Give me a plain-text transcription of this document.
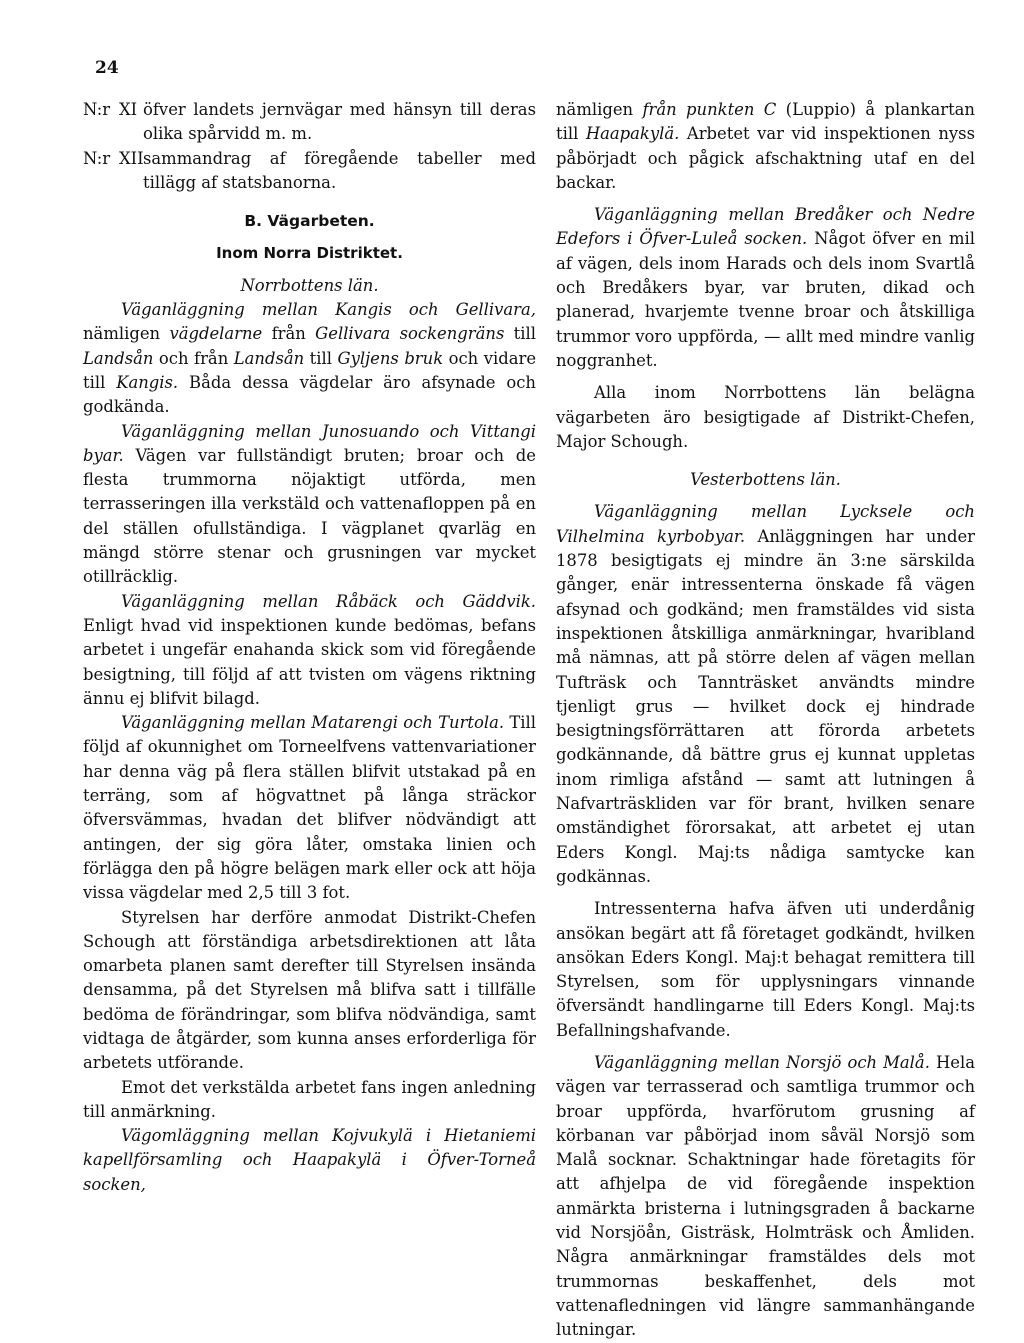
24
N:r XI öfver landets jernvägar med hänsyn till deras olika spårvidd m. m.
N:r XII sammandrag af föregående tabeller med tillägg af statsbanorna.

B. Vägarbeten.

Inom Norra Distriktet.

Norrbottens län.

Väganläggning mellan Kangis och Gellivara, nämligen vägdelarne från Gellivara sockengräns till Landsån och från Landsån till Gyljens bruk och vidare till Kangis. Båda dessa vägdelar äro afsynade och godkända.

Väganläggning mellan Junosuando och Vittangi byar. Vägen var fullständigt bruten; broar och de flesta trummorna nöjaktigt utförda, men terrasseringen illa verkstäld och vattenafloppen på en del ställen ofullständiga. I vägplanet qvarläg en mängd större stenar och grusningen var mycket otillräcklig.

Väganläggning mellan Råbäck och Gäddvik. Enligt hvad vid inspektionen kunde bedömas, befans arbetet i ungefär enahanda skick som vid föregående besigtning, till följd af att tvisten om vägens riktning ännu ej blifvit bilagd.

Väganläggning mellan Matarengi och Turtola. Till följd af okunnighet om Torneelfvens vattenvariationer har denna väg på flera ställen blifvit utstakad på en terräng, som af högvattnet på långa sträckor öfversvämmas, hvadan det blifver nödvändigt att antingen, der sig göra låter, omstaka linien och förlägga den på högre belägen mark eller ock att höja vissa vägdelar med 2,5 till 3 fot.

Styrelsen har derföre anmodat Distrikt-Chefen Schough att förständiga arbetsdirektionen att låta omarbeta planen samt derefter till Styrelsen insända densamma, på det Styrelsen må blifva satt i tillfälle bedöma de förändringar, som blifva nödvändiga, samt vidtaga de åtgärder, som kunna anses erforderliga för arbetets utförande.

Emot det verkstälda arbetet fans ingen anledning till anmärkning.

Vägomläggning mellan Kojvukylä i Hietaniemi kapellförsamling och Haapakylä i Öfver-Torneå socken,

nämligen från punkten C (Luppio) å plankartan till Haapakylä. Arbetet var vid inspektionen nyss påbörjadt och pågick afschaktning utaf en del backar.

Väganläggning mellan Bredåker och Nedre Edefors i Öfver-Luleå socken. Något öfver en mil af vägen, dels inom Harads och dels inom Svartlå och Bredåkers byar, var bruten, dikad och planerad, hvarjemte tvenne broar och åtskilliga trummor voro uppförda, — allt med mindre vanlig noggranhet.

Alla inom Norrbottens län belägna vägarbeten äro besigtigade af Distrikt-Chefen, Major Schough.

Vesterbottens län.

Väganläggning mellan Lycksele och Vilhelmina kyrbobyar. Anläggningen har under 1878 besigtigats ej mindre än 3:ne särskilda gånger, enär intressenterna önskade få vägen afsynad och godkänd; men framstäldes vid sista inspektionen åtskilliga anmärkningar, hvaribland må nämnas, att på större delen af vägen mellan Tufträsk och Tannträsket användts mindre tjenligt grus — hvilket dock ej hindrade besigtningsförrättaren att förorda arbetets godkännande, då bättre grus ej kunnat uppletas inom rimliga afstånd — samt att lutningen å Nafvarträskliden var för brant, hvilken senare omständighet förorsakat, att arbetet ej utan Eders Kongl. Maj:ts nådiga samtycke kan godkännas.

Intressenterna hafva äfven uti underdånig ansökan begärt att få företaget godkändt, hvilken ansökan Eders Kongl. Maj:t behagat remittera till Styrelsen, som för upplysningars vinnande öfversändt handlingarne till Eders Kongl. Maj:ts Befallningshafvande.

Väganläggning mellan Norsjö och Malå. Hela vägen var terrasserad och samtliga trummor och broar uppförda, hvarförutom grusning af körbanan var påbörjad inom såväl Norsjö som Malå socknar. Schaktningar hade företagits för att afhjelpa de vid föregående inspektion anmärkta bristerna i lutningsgraden å backarne vid Norsjöån, Gisträsk, Holmträsk och Åmliden. Några anmärkningar framstäldes dels mot trummornas beskaffenhet, dels mot vattenafledningen vid längre sammanhängande lutningar.
